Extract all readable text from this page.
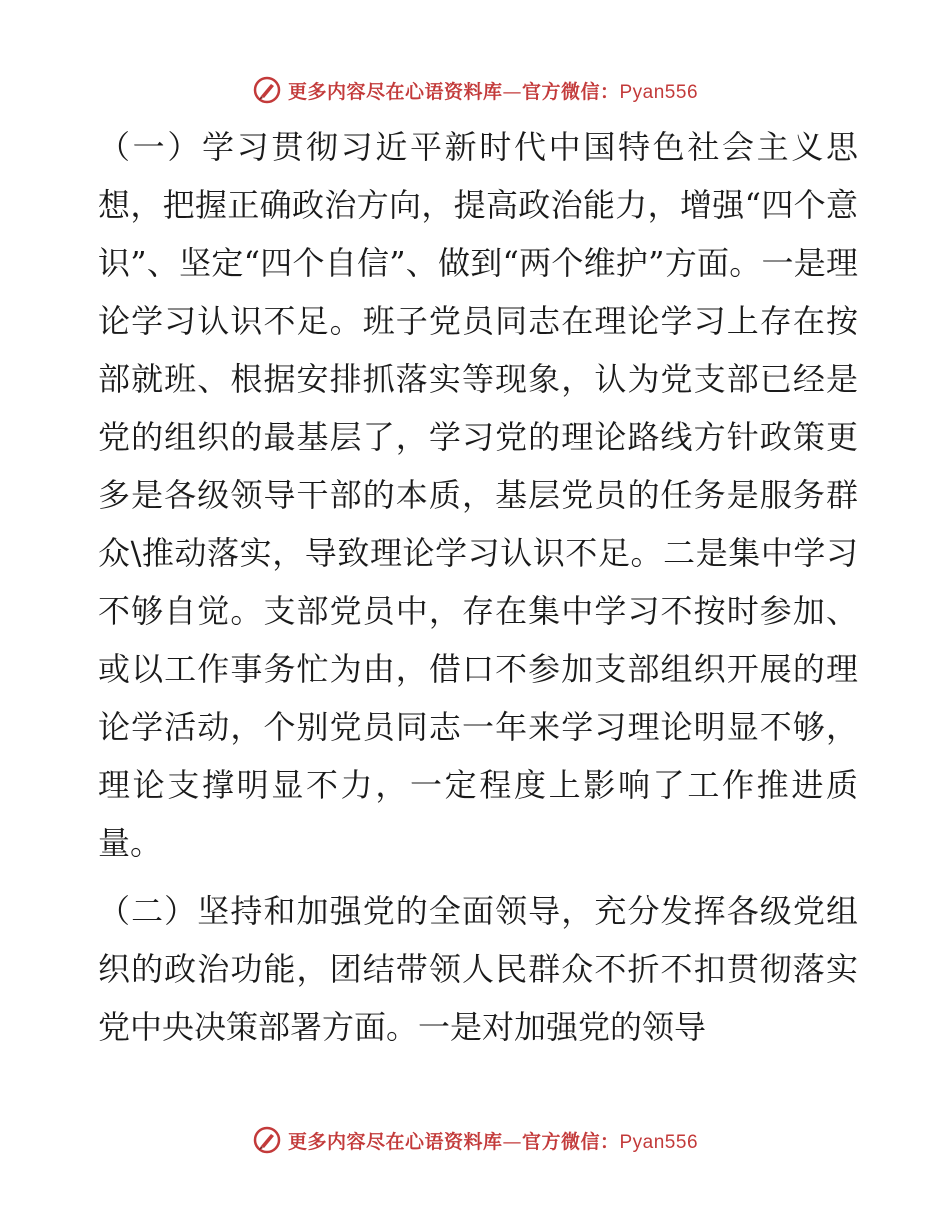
更多内容尽在心语资料库—官方微信：Pyan556

（一）学习贯彻习近平新时代中国特色社会主义思想，把握正确政治方向，提高政治能力，增强“四个意识”、坚定“四个自信”、做到“两个维护”方面。一是理论学习认识不足。班子党员同志在理论学习上存在按部就班、根据安排抓落实等现象，认为党支部已经是党的组织的最基层了，学习党的理论路线方针政策更多是各级领导干部的本质，基层党员的任务是服务群众\推动落实，导致理论学习认识不足。二是集中学习不够自觉。支部党员中，存在集中学习不按时参加、或以工作事务忙为由，借口不参加支部组织开展的理论学活动，个别党员同志一年来学习理论明显不够，理论支撑明显不力，一定程度上影响了工作推进质量。

（二）坚持和加强党的全面领导，充分发挥各级党组织的政治功能，团结带领人民群众不折不扣贯彻落实党中央决策部署方面。一是对加强党的领导

更多内容尽在心语资料库—官方微信：Pyan556
